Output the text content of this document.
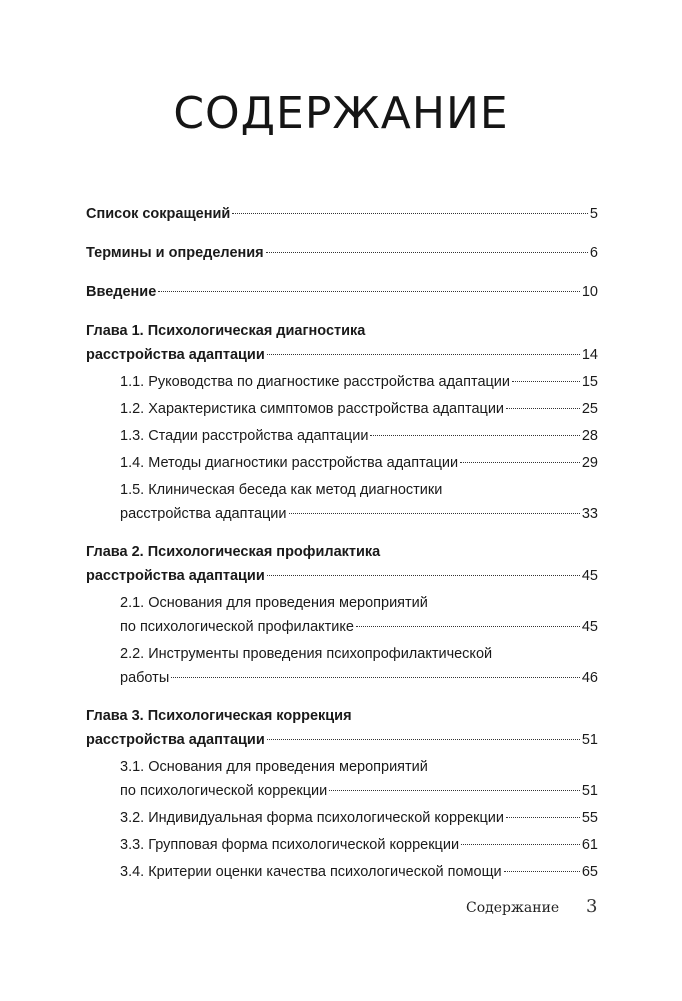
СОДЕРЖАНИЕ
Список сокращений	5
Термины и определения	6
Введение	10
Глава 1. Психологическая диагностика
расстройства адаптации	14
1.1. Руководства по диагностике расстройства адаптации	15
1.2. Характеристика симптомов расстройства адаптации	25
1.3. Стадии расстройства адаптации	28
1.4. Методы диагностики расстройства адаптации	29
1.5. Клиническая беседа как метод диагностики
расстройства адаптации	33
Глава 2. Психологическая профилактика
расстройства адаптации	45
2.1. Основания для проведения мероприятий
по психологической профилактике	45
2.2. Инструменты проведения психопрофилактической
работы	46
Глава 3. Психологическая коррекция
расстройства адаптации	51
3.1. Основания для проведения мероприятий
по психологической коррекции	51
3.2. Индивидуальная форма психологической коррекции	55
3.3. Групповая форма психологической коррекции	61
3.4. Критерии оценки качества психологической помощи	65
Содержание 3
